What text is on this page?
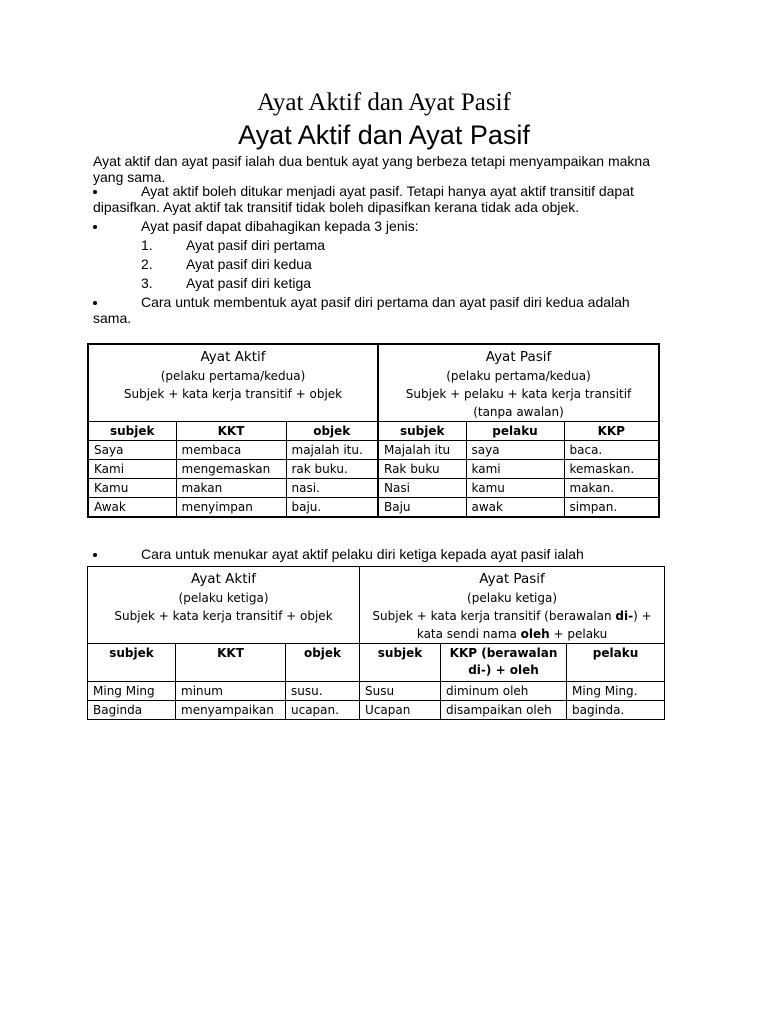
Ayat Aktif dan Ayat Pasif
Ayat Aktif dan Ayat Pasif
Ayat aktif dan ayat pasif ialah dua bentuk ayat yang berbeza tetapi menyampaikan makna yang sama.
Ayat aktif boleh ditukar menjadi ayat pasif. Tetapi hanya ayat aktif transitif dapat
dipasifkan. Ayat aktif tak transitif tidak boleh dipasifkan kerana tidak ada objek.
Ayat pasif dapat dibahagikan kepada 3 jenis:
1. Ayat pasif diri pertama
2. Ayat pasif diri kedua
3. Ayat pasif diri ketiga
Cara untuk membentuk ayat pasif diri pertama dan ayat pasif diri kedua adalah
sama.
Ayat Aktif
(pelaku pertama/kedua)
Subjek + kata kerja transitif + objek			Ayat Pasif
(pelaku pertama/kedua)
Subjek + pelaku + kata kerja transitif
(tanpa awalan)		

subjek	KKT	objek	subjek	pelaku	KKP
Saya	membaca	majalah itu.	Majalah itu	saya	baca.
Kami	mengemaskan	rak buku.	Rak buku	kami	kemaskan.
Kamu	makan	nasi.	Nasi	kamu	makan.
Awak	menyimpan	baju.	Baju	awak	simpan.
Cara untuk menukar ayat aktif pelaku diri ketiga kepada ayat pasif ialah
Ayat Aktif
(pelaku ketiga)
Subjek + kata kerja transitif + objek			Ayat Pasif
(pelaku ketiga)
Subjek + kata kerja transitif (berawalan di-) +
kata sendi nama oleh + pelaku		

subjek	KKT	objek	subjek	KKP (berawalan di-) + oleh	pelaku
Ming Ming	minum	susu.	Susu	diminum oleh	Ming Ming.
Baginda	menyampaikan	ucapan.	Ucapan	disampaikan oleh	baginda.
